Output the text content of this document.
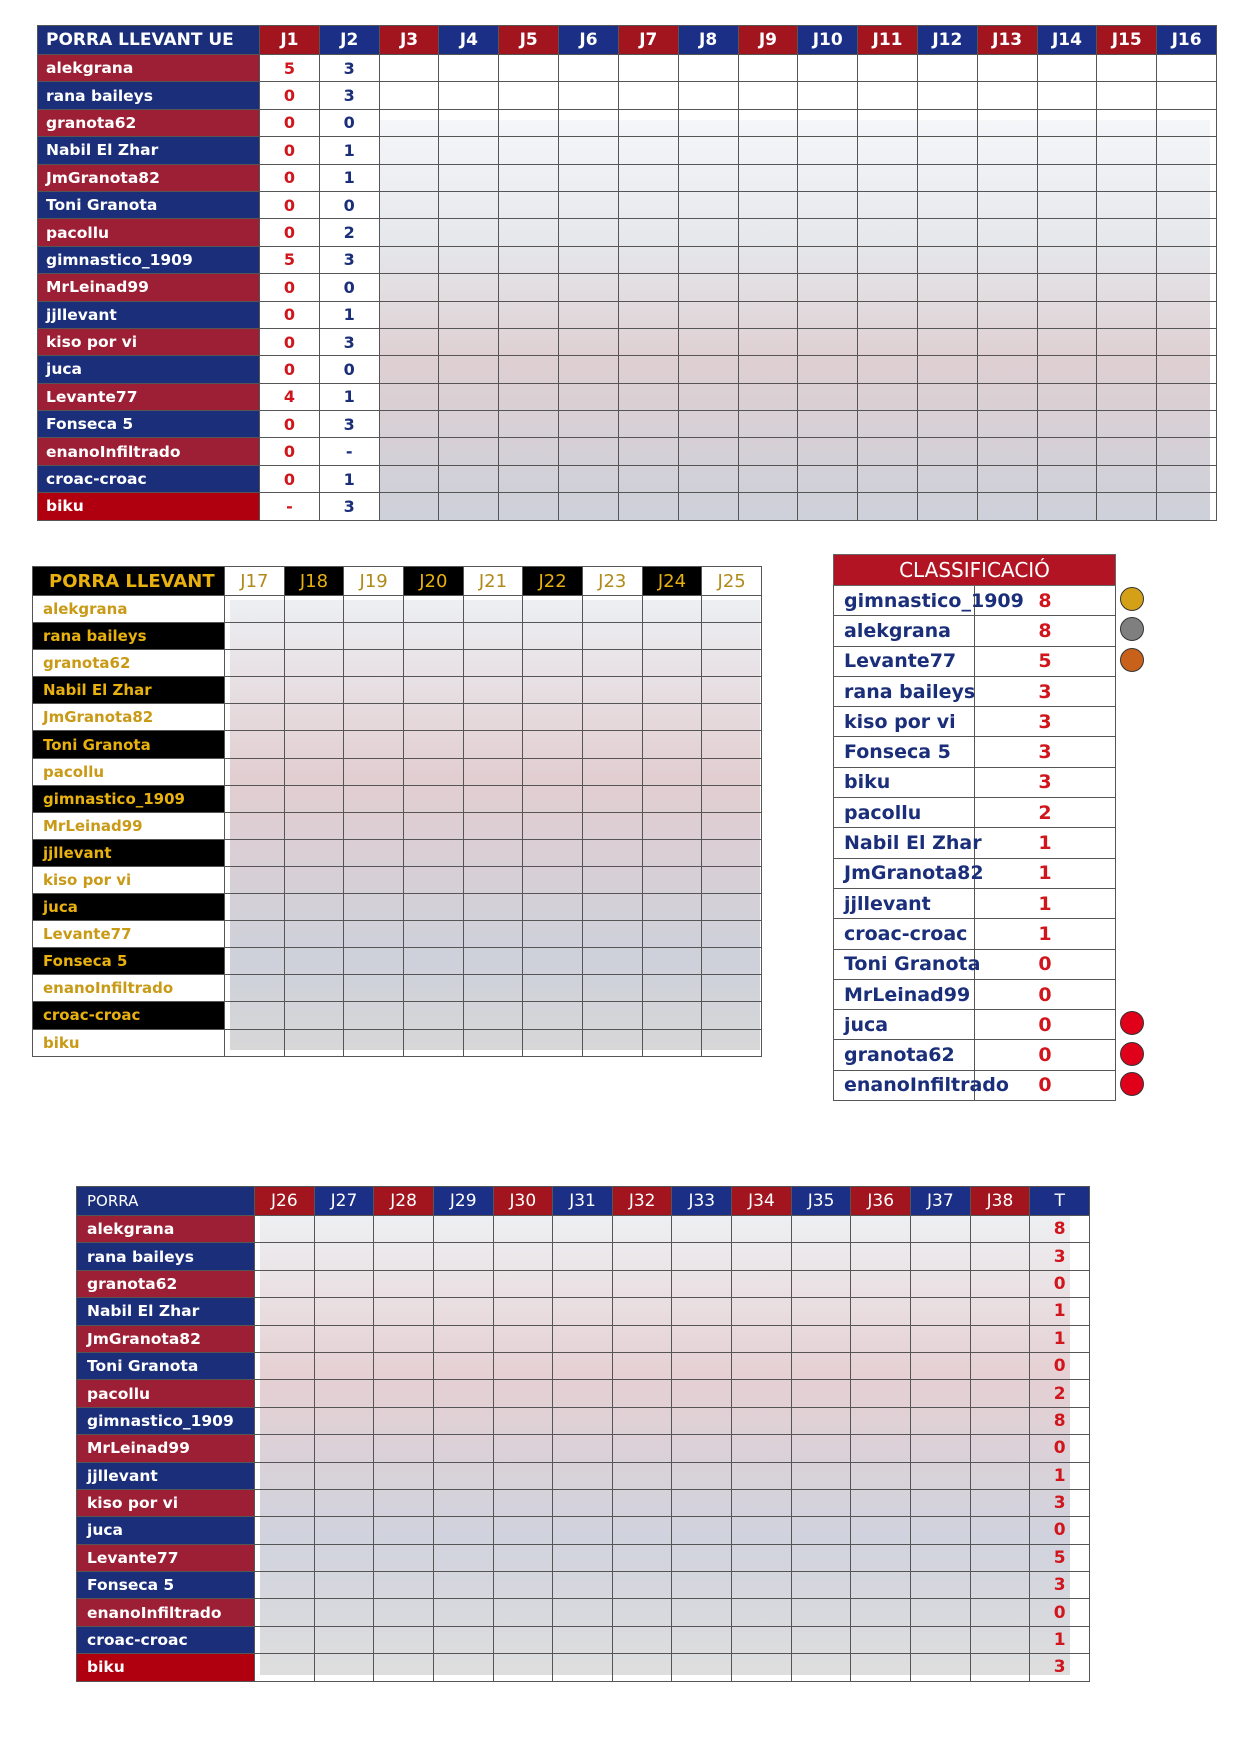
PORRA LLEVANT UE	J1	J2	J3	J4	J5	J6	J7	J8	J9	J10	J11	J12	J13	J14	J15	J16
alekgrana	5	3														
rana baileys	0	3														
granota62	0	0														
Nabil El Zhar	0	1														
JmGranota82	0	1														
Toni Granota	0	0														
pacollu	0	2														
gimnastico_1909	5	3														
MrLeinad99	0	0														
jjllevant	0	1														
kiso por vi	0	3														
juca	0	0														
Levante77	4	1														
Fonseca 5	0	3														
enanoInfiltrado	0	-														
croac-croac	0	1														
biku	-	3														
PORRA LLEVANT	J17	J18	J19	J20	J21	J22	J23	J24	J25
alekgrana									
rana baileys									
granota62									
Nabil El Zhar									
JmGranota82									
Toni Granota									
pacollu									
gimnastico_1909									
MrLeinad99									
jjllevant									
kiso por vi									
juca									
Levante77									
Fonseca 5									
enanoInfiltrado									
croac-croac									
biku									
CLASSIFICACIÓ	
gimnastico_1909	8
alekgrana	8
Levante77	5
rana baileys	3
kiso por vi	3
Fonseca 5	3
biku	3
pacollu	2
Nabil El Zhar	1
JmGranota82	1
jjllevant	1
croac-croac	1
Toni Granota	0
MrLeinad99	0
juca	0
granota62	0
enanoInfiltrado	0
PORRA	J26	J27	J28	J29	J30	J31	J32	J33	J34	J35	J36	J37	J38	T
alekgrana														8
rana baileys														3
granota62														0
Nabil El Zhar														1
JmGranota82														1
Toni Granota														0
pacollu														2
gimnastico_1909														8
MrLeinad99														0
jjllevant														1
kiso por vi														3
juca														0
Levante77														5
Fonseca 5														3
enanoInfiltrado														0
croac-croac														1
biku														3
